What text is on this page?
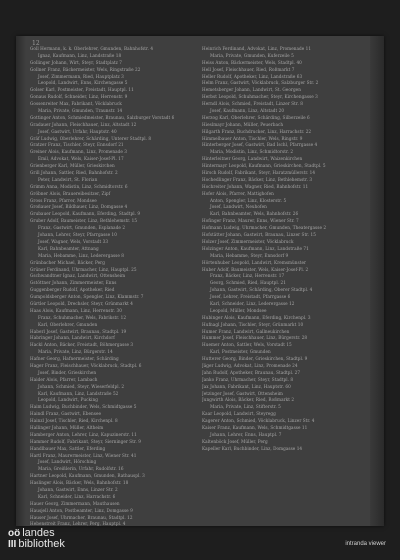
12
Goll Hermann, k. k. Oberlehrer, Gmunden, Bahnhofstr. 4
Ignaz, Kaufmann, Linz, Landstraße 18
Gollinger Johann, Wirt, Steyr, Stadtplatz 7
Gollner Franz, Bäckermeister, Wels, Ringstraße 22
Josef, Zimmermann, Ried, Hauptplatz 3
Leopold, Landwirt, Enns, Kirchengasse 5
Golser Karl, Postmeister, Freistadt, Hauptpl. 11
Gonaus Rudolf, Schneider, Linz, Herrenstr. 9
Gossenreiter Max, Fabrikant, Vöcklabruck
Maria, Private, Gmunden, Traunstr. 14
Gottinger Anton, Schmiedmeister, Braunau, Salzburger Vorstadt 6
Gradauer Johann, Fleischhauer, Linz, Altstadt 12
Josef, Gastwirt, Urfahr, Hauptstr. 40
Gräf Ludwig, Oberlehrer, Schärding, Unterer Stadtpl. 8
Gratzer Franz, Tischler, Steyr, Ennsdorf 21
Greiner Alois, Kaufmann, Linz, Promenade 3
Emil, Advokat, Wels, Kaiser-Josef-Pl. 17
Grienberger Karl, Müller, Grieskirchen
Grill Johann, Sattler, Ried, Bahnhofstr. 2
Peter, Landwirt, St. Florian
Grimm Anna, Modistin, Linz, Schmidtorstr. 6
Gröbner Alois, Brauereibesitzer, Zipf
Gross Franz, Pfarrer, Mondsee
Großauer Josef, Bildhauer, Linz, Domgasse 4
Grubauer Leopold, Kaufmann, Eferding, Stadtpl. 9
Gruber Adolf, Baumeister, Linz, Bethlehemstr. 15
Franz, Gastwirt, Gmunden, Esplanade 2
Johann, Lehrer, Steyr, Pfarrgasse 10
Josef, Wagner, Wels, Vorstadt 33
Karl, Bahnbeamter, Attnang
Maria, Hebamme, Linz, Lederergasse 8
Grünbacher Michael, Bäcker, Perg
Grüner Ferdinand, Uhrmacher, Linz, Hauptpl. 25
Gschwandtner Ignaz, Landwirt, Ottensheim
Gstöttner Johann, Zimmermeister, Enns
Guggenberger Rudolf, Apotheker, Ried
Gumpoldsberger Anton, Spengler, Linz, Klammstr. 7
Gürtler Leopold, Drechsler, Steyr, Grünmarkt 4
Haas Alois, Kaufmann, Linz, Herrenstr. 30
Franz, Schuhmacher, Wels, Fabrikstr. 12
Karl, Oberlehrer, Gmunden
Haberl Josef, Gastwirt, Braunau, Stadtpl. 19
Habringer Johann, Landwirt, Kirchdorf
Hackl Anton, Bäcker, Freistadt, Böhmergasse 3
Maria, Private, Linz, Bürgerstr. 14
Hafner Georg, Hafnermeister, Schärding
Hager Franz, Fleischhauer, Vöcklabruck, Stadtpl. 6
Josef, Binder, Grieskirchen
Haider Alois, Pfarrer, Lambach
Johann, Schmied, Steyr, Wieserfeldpl. 2
Karl, Kaufmann, Linz, Landstraße 52
Leopold, Landwirt, Pucking
Haim Ludwig, Buchbinder, Wels, Schmidtgasse 5
Haindl Franz, Gastwirt, Ebensee
Hainzl Josef, Tischler, Ried, Kirchenpl. 8
Hallinger Johann, Müller, Altheim
Hamberger Anton, Lehrer, Linz, Kapuzinerstr. 11
Hammer Rudolf, Fabrikant, Steyr, Sierninger Str. 9
Handlbauer Max, Sattler, Eferding
Hartl Franz, Maurermeister, Linz, Wiener Str. 41
Josef, Landwirt, Hörsching
Maria, Greißlerin, Urfahr, Rudolfstr. 16
Hartner Leopold, Kaufmann, Gmunden, Rathauspl. 3
Haslinger Alois, Bäcker, Wels, Bahnhofstr. 18
Johann, Gastwirt, Enns, Linzer Str. 2
Karl, Schneider, Linz, Harrachstr. 6
Hauer Georg, Zimmermann, Mauthausen
Hausjell Anton, Postbeamter, Linz, Domgasse 9
Hauser Josef, Uhrmacher, Braunau, Stadtpl. 12
Hebenstreit Franz, Lehrer, Perg, Hauptpl. 4
Heinrich Ferdinand, Advokat, Linz, Promenade 11
Maria, Private, Gmunden, Kuferzeile 5
Heiss Anton, Bäckermeister, Wels, Stadtpl. 40
Hell Josef, Fleischhauer, Ried, Roßmarkt 7
Heller Rudolf, Apotheker, Linz, Landstraße 63
Helm Franz, Gastwirt, Vöcklabruck, Salzburger Str. 2
Hemetsberger Johann, Landwirt, St. Georgen
Herbst Leopold, Schuhmacher, Steyr, Kirchengasse 3
Herndl Alois, Schmied, Freistadt, Linzer Str. 8
Josef, Kaufmann, Linz, Altstadt 20
Herzog Karl, Oberlehrer, Schärding, Silberzeile 6
Hieslmayr Johann, Müller, Peuerbach
Hilgarth Franz, Buchdrucker, Linz, Harrachstr. 22
Himmelbauer Anton, Tischler, Wels, Ringstr. 9
Hinterberger Josef, Gastwirt, Bad Ischl, Pfarrgasse 4
Maria, Modistin, Linz, Schmidtorstr. 2
Hinterleitner Georg, Landwirt, Waizenkirchen
Hintermayr Leopold, Kaufmann, Grieskirchen, Stadtpl. 5
Hirsch Rudolf, Fabrikant, Steyr, Haratzmüllerstr. 14
Hochedlinger Franz, Bäcker, Linz, Bethlehemstr. 3
Hochreiter Johann, Wagner, Ried, Bahnhofstr. 11
Hofer Alois, Pfarrer, Mattighofen
Anton, Spengler, Linz, Klosterstr. 5
Josef, Landwirt, Neuhofen
Karl, Bahnbeamter, Wels, Bahnhofstr. 26
Hofinger Franz, Maurer, Enns, Wiener Str. 7
Hofmann Ludwig, Uhrmacher, Gmunden, Theatergasse 2
Hofstätter Johann, Gastwirt, Braunau, Linzer Str. 15
Holzer Josef, Zimmermeister, Vöcklabruck
Holzinger Anton, Kaufmann, Linz, Landstraße 71
Maria, Hebamme, Steyr, Ennsdorf 9
Hörtenhuber Leopold, Landwirt, Kremsmünster
Huber Adolf, Baumeister, Wels, Kaiser-Josef-Pl. 2
Franz, Bäcker, Linz, Herrenstr. 17
Georg, Schmied, Ried, Hauptpl. 21
Johann, Gastwirt, Schärding, Oberer Stadtpl. 4
Josef, Lehrer, Freistadt, Pfarrgasse 6
Karl, Schneider, Linz, Lederergasse 12
Leopold, Müller, Mondsee
Hubinger Alois, Kaufmann, Eferding, Kirchenpl. 3
Hufnagl Johann, Tischler, Steyr, Grünmarkt 10
Humer Franz, Landwirt, Gallneukirchen
Hummer Josef, Fleischhauer, Linz, Bürgerstr. 28
Huemer Anton, Sattler, Wels, Vorstadt 15
Karl, Postmeister, Gmunden
Hutterer Georg, Binder, Grieskirchen, Stadtpl. 9
Jäger Ludwig, Advokat, Linz, Promenade 24
Jahn Rudolf, Apotheker, Braunau, Stadtpl. 27
Janko Franz, Uhrmacher, Steyr, Stadtpl. 8
Jax Johann, Fabrikant, Linz, Hauptstr. 60
Jetzinger Josef, Gastwirt, Ottensheim
Jungwirth Alois, Bäcker, Ried, Roßmarkt 2
Maria, Private, Linz, Stifterstr. 5
Kaar Leopold, Landwirt, Steyregg
Kagerer Anton, Schmied, Vöcklabruck, Linzer Str. 4
Kaiser Franz, Kaufmann, Wels, Schmidtgasse 11
Johann, Lehrer, Enns, Hauptpl. 7
Kaltenböck Josef, Müller, Perg
Kapeller Karl, Buchbinder, Linz, Domgasse 14
oö landes
III bibliothek	intranda viewer
